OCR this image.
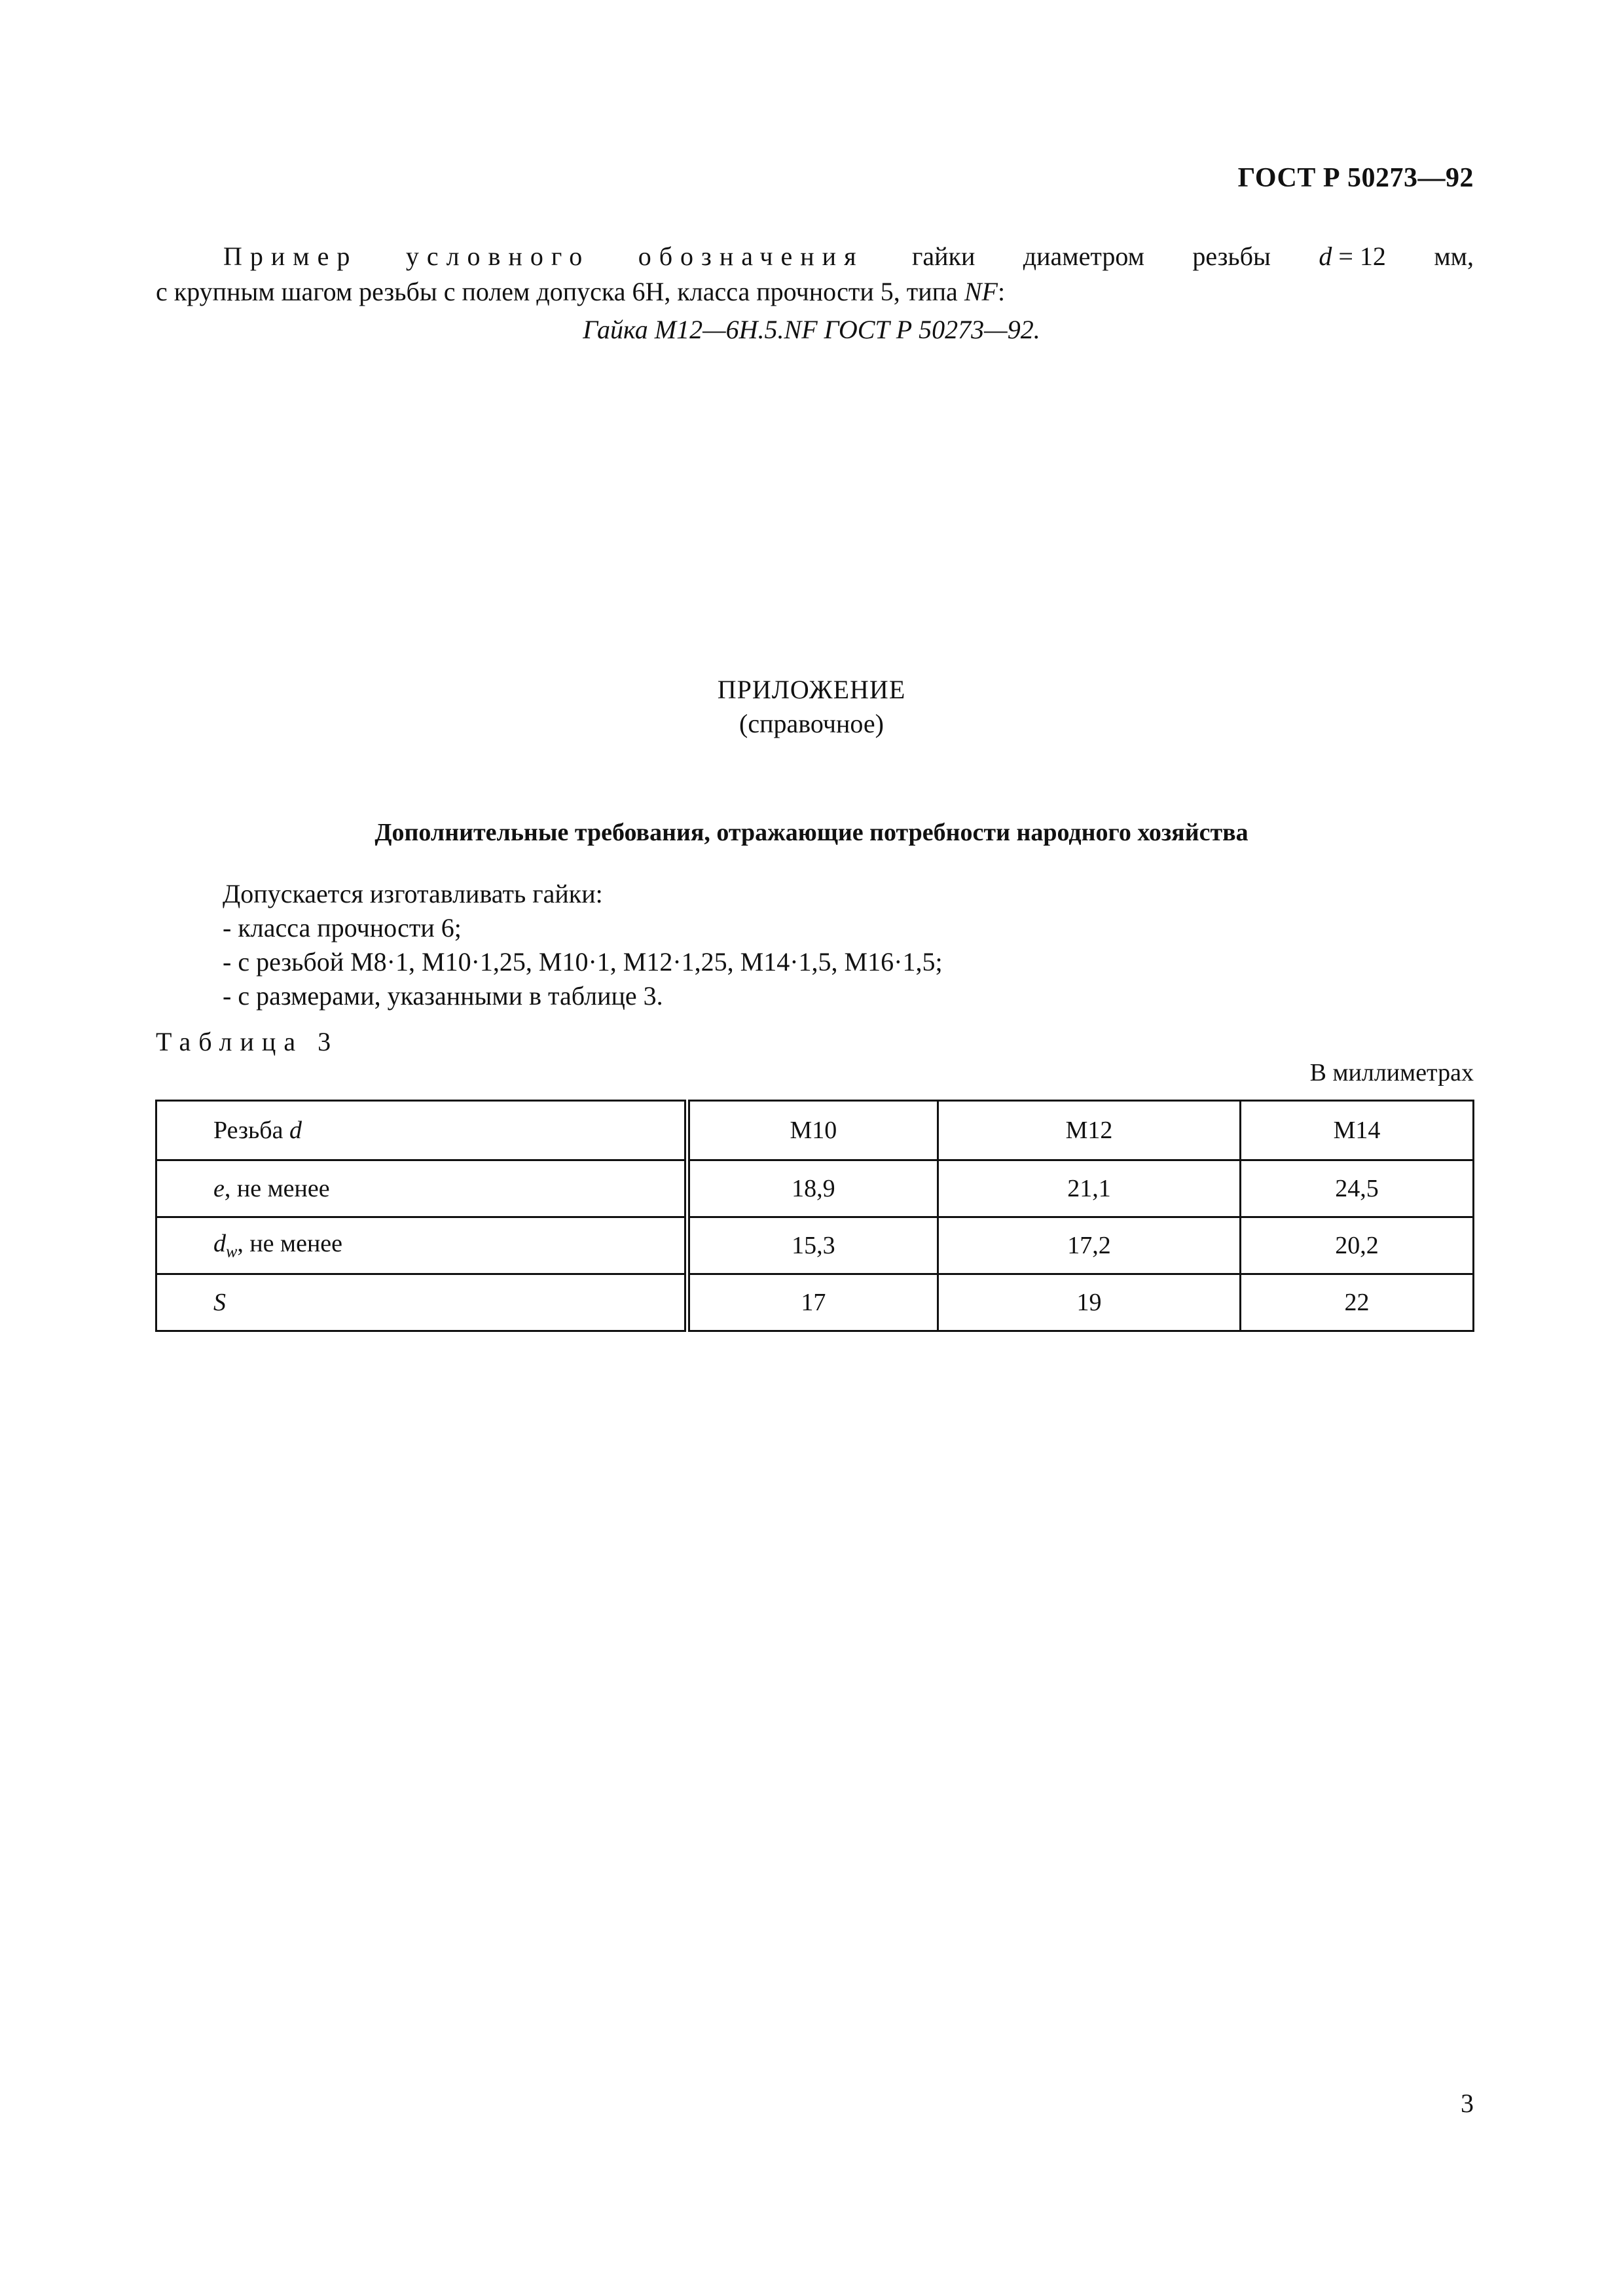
ГОСТ Р 50273—92
Пример условного обозначения гайки диаметром резьбы d = 12 мм,
с крупным шагом резьбы с полем допуска 6H, класса прочности 5, типа NF:
Гайка М12—6Н.5.NF ГОСТ Р 50273—92.
ПРИЛОЖЕНИЕ
(справочное)
Дополнительные требования, отражающие потребности народного хозяйства
Допускается изготавливать гайки:
- класса прочности 6;
- с резьбой М8·1, М10·1,25, М10·1, М12·1,25, М14·1,5, М16·1,5;
- с размерами, указанными в таблице 3.
Таблица 3
В миллиметрах
Резьба d	M10	M12	M14
e, не менее	18,9	21,1	24,5
$d_w$, не менее	15,3	17,2	20,2
S	17	19	22
3
